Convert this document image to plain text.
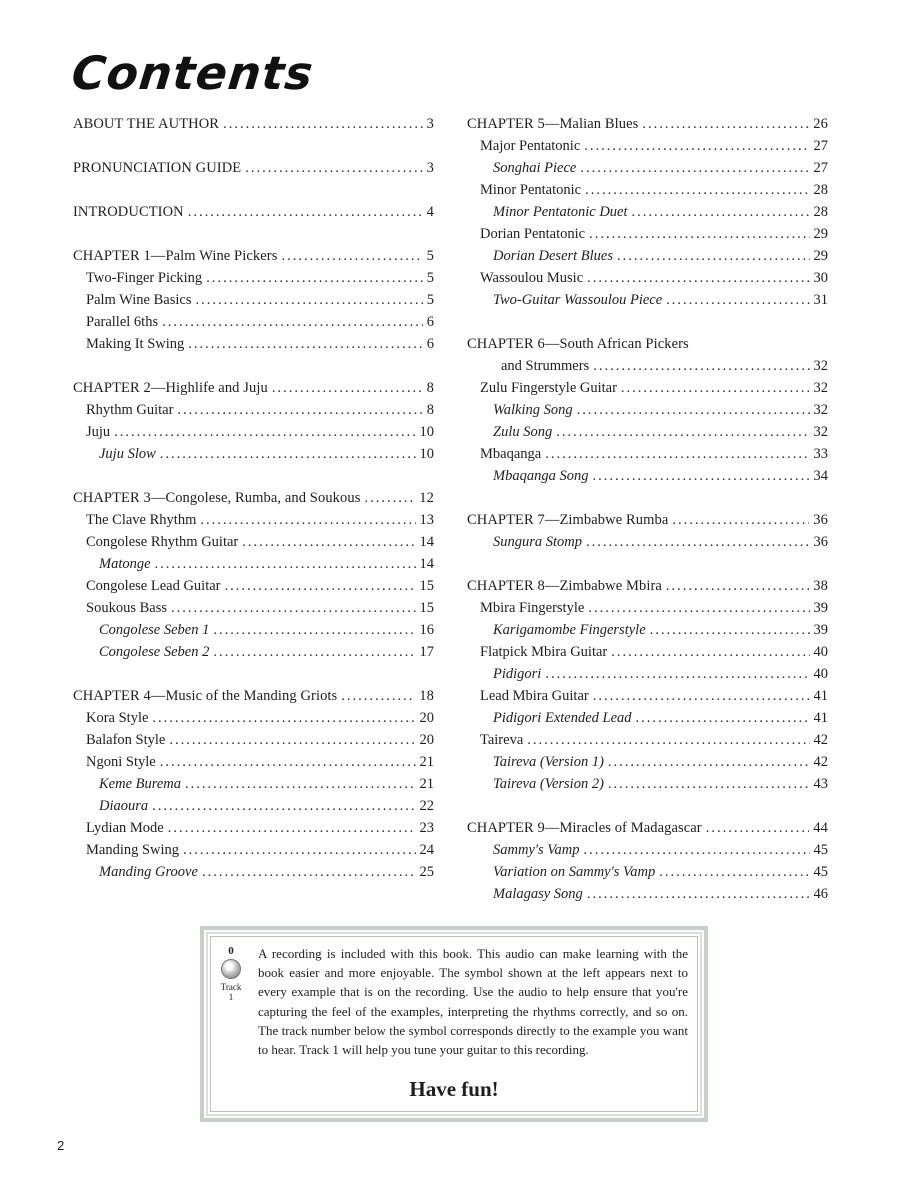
Contents
ABOUT THE AUTHOR .....	3
PRONUNCIATION GUIDE .....	3
INTRODUCTION .....	4
CHAPTER 1—Palm Wine Pickers .....	5
Two-Finger Picking .....	5
Palm Wine Basics .....	5
Parallel 6ths .....	6
Making It Swing .....	6
CHAPTER 2—Highlife and Juju .....	8
Rhythm Guitar .....	8
Juju .....	10
Juju Slow .....	10
CHAPTER 3—Congolese, Rumba, and Soukous .....	12
The Clave Rhythm .....	13
Congolese Rhythm Guitar .....	14
Matonge .....	14
Congolese Lead Guitar .....	15
Soukous Bass .....	15
Congolese Seben 1 .....	16
Congolese Seben 2 .....	17
CHAPTER 4—Music of the Manding Griots .....	18
Kora Style .....	20
Balafon Style .....	20
Ngoni Style .....	21
Keme Burema .....	21
Diaoura .....	22
Lydian Mode .....	23
Manding Swing .....	24
Manding Groove .....	25
CHAPTER 5—Malian Blues .....	26
Major Pentatonic .....	27
Songhai Piece .....	27
Minor Pentatonic .....	28
Minor Pentatonic Duet .....	28
Dorian Pentatonic .....	29
Dorian Desert Blues .....	29
Wassoulou Music .....	30
Two-Guitar Wassoulou Piece .....	31
CHAPTER 6—South African Pickers
and Strummers .....	32
Zulu Fingerstyle Guitar .....	32
Walking Song .....	32
Zulu Song .....	32
Mbaqanga .....	33
Mbaqanga Song .....	34
CHAPTER 7—Zimbabwe Rumba .....	36
Sungura Stomp .....	36
CHAPTER 8—Zimbabwe Mbira .....	38
Mbira Fingerstyle .....	39
Karigamombe Fingerstyle .....	39
Flatpick Mbira Guitar .....	40
Pidigori .....	40
Lead Mbira Guitar .....	41
Pidigori Extended Lead .....	41
Taireva .....	42
Taireva (Version 1) .....	42
Taireva (Version 2) .....	43
CHAPTER 9—Miracles of Madagascar .....	44
Sammy's Vamp .....	45
Variation on Sammy's Vamp .....	45
Malagasy Song .....	46
0
Track
1
A recording is included with this book. This audio can make learning with the book easier and more enjoyable. The symbol shown at the left appears next to every example that is on the recording. Use the audio to help ensure that you're capturing the feel of the examples, interpreting the rhythms correctly, and so on. The track number below the symbol corresponds directly to the example you want to hear. Track 1 will help you tune your guitar to this recording.
Have fun!
2
